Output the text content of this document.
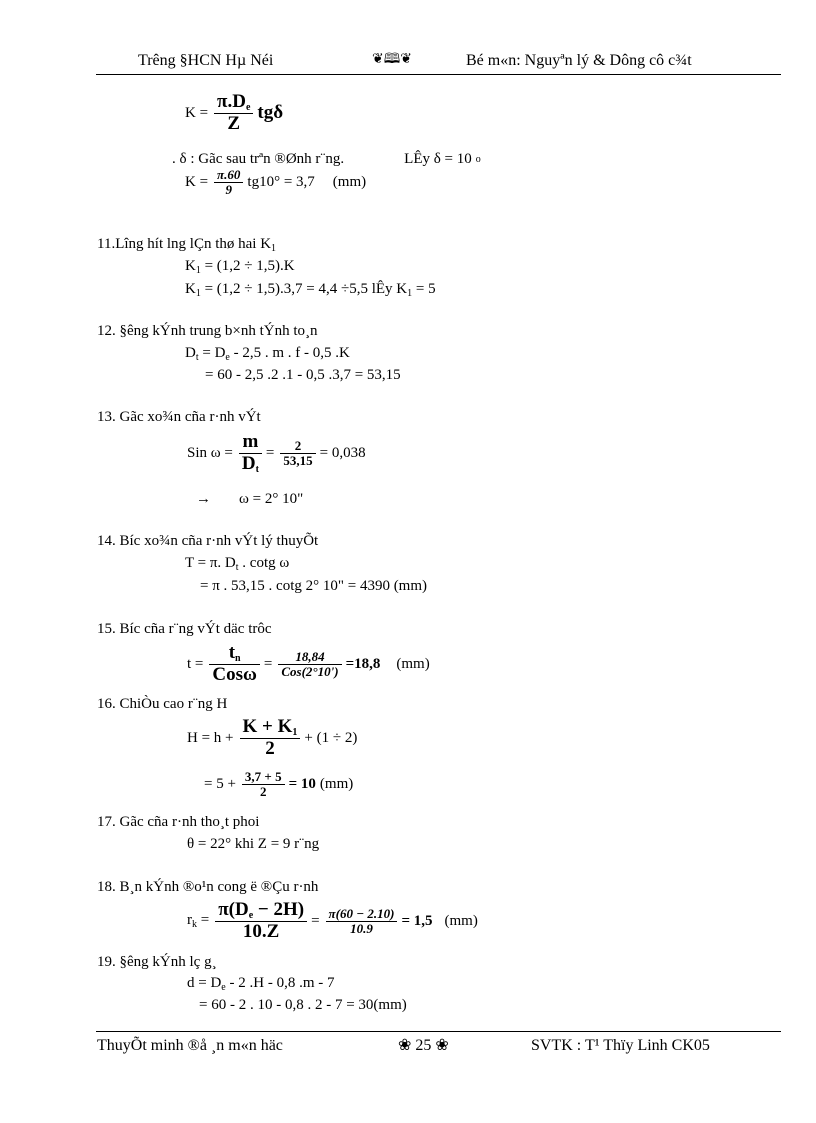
Trêng §HCN Hµ Néi	❦🕮❦	Bé m«n: Nguyªn lý & Dông cô c¾t
$K = \frac{\pi.D_e}{Z}$ tgδ
. δ : Gãc sau trªn ®Ønh r¨ng.	LÊy δ = 10 o
$K = \frac{\pi.60}{9} tg10^\circ = 3,7$ (mm)
11.Lîng hít lng lÇn thø hai $K_1$
$K_1 = (1,2 \div 1,5).K$
$K_1 = (1,2 \div 1,5).3,7 = 4,4 \div 5,5$ lÊy $K_1 = 5$
12. §êng kÝnh trung b×nh tÝnh to¸n
$D_t = D_e - 2,5$ . m . f - 0,5 .K
= 60 - 2,5 .2 .1 - 0,5 .3,7 = 53,15
13. Gãc xo¾n cña r·nh vÝt
Sin $\omega = \frac{m}{D_t} = \frac{2}{53,15} = 0,038$
→ ω = 2° 10"
14. Bíc xo¾n cña r·nh vÝt lý thuyÕt
T = π. $D_t$ . cotg ω
= π . 53,15 . cotg 2° 10" = 4390 (mm)
15. Bíc cña r¨ng vÝt däc trôc
$t = \frac{t_n}{\text{Cosω}} = \frac{18,84}{\text{Cos(2°10')}} =18,8$ (mm)
16. ChiÒu cao r¨ng H
$H = h + \frac{K + K_1}{2} + (1 \div 2)$
= $5 + \frac{3,7 + 5}{2} = 10$ (mm)
17. Gãc cña r·nh tho¸t phoi
θ = 22° khi Z = 9 r¨ng
18. B¸n kÝnh ®o¹n cong ë ®Çu r·nh
$r_k = \frac{\pi(D_e - 2H)}{10.Z} = \frac{\pi(60 - 2.10)}{10.9} = 1,5$ (mm)
19. §êng kÝnh lç g¸
$d = D_e - 2$ .H - 0,8 .m - 7
= 60 - 2 . 10 - 0,8 . 2 - 7 = 30(mm)
ThuyÕt minh ®å ¸n m«n häc	❀ 25 ❀	SVTK : T¹ Thïy Linh CK05
